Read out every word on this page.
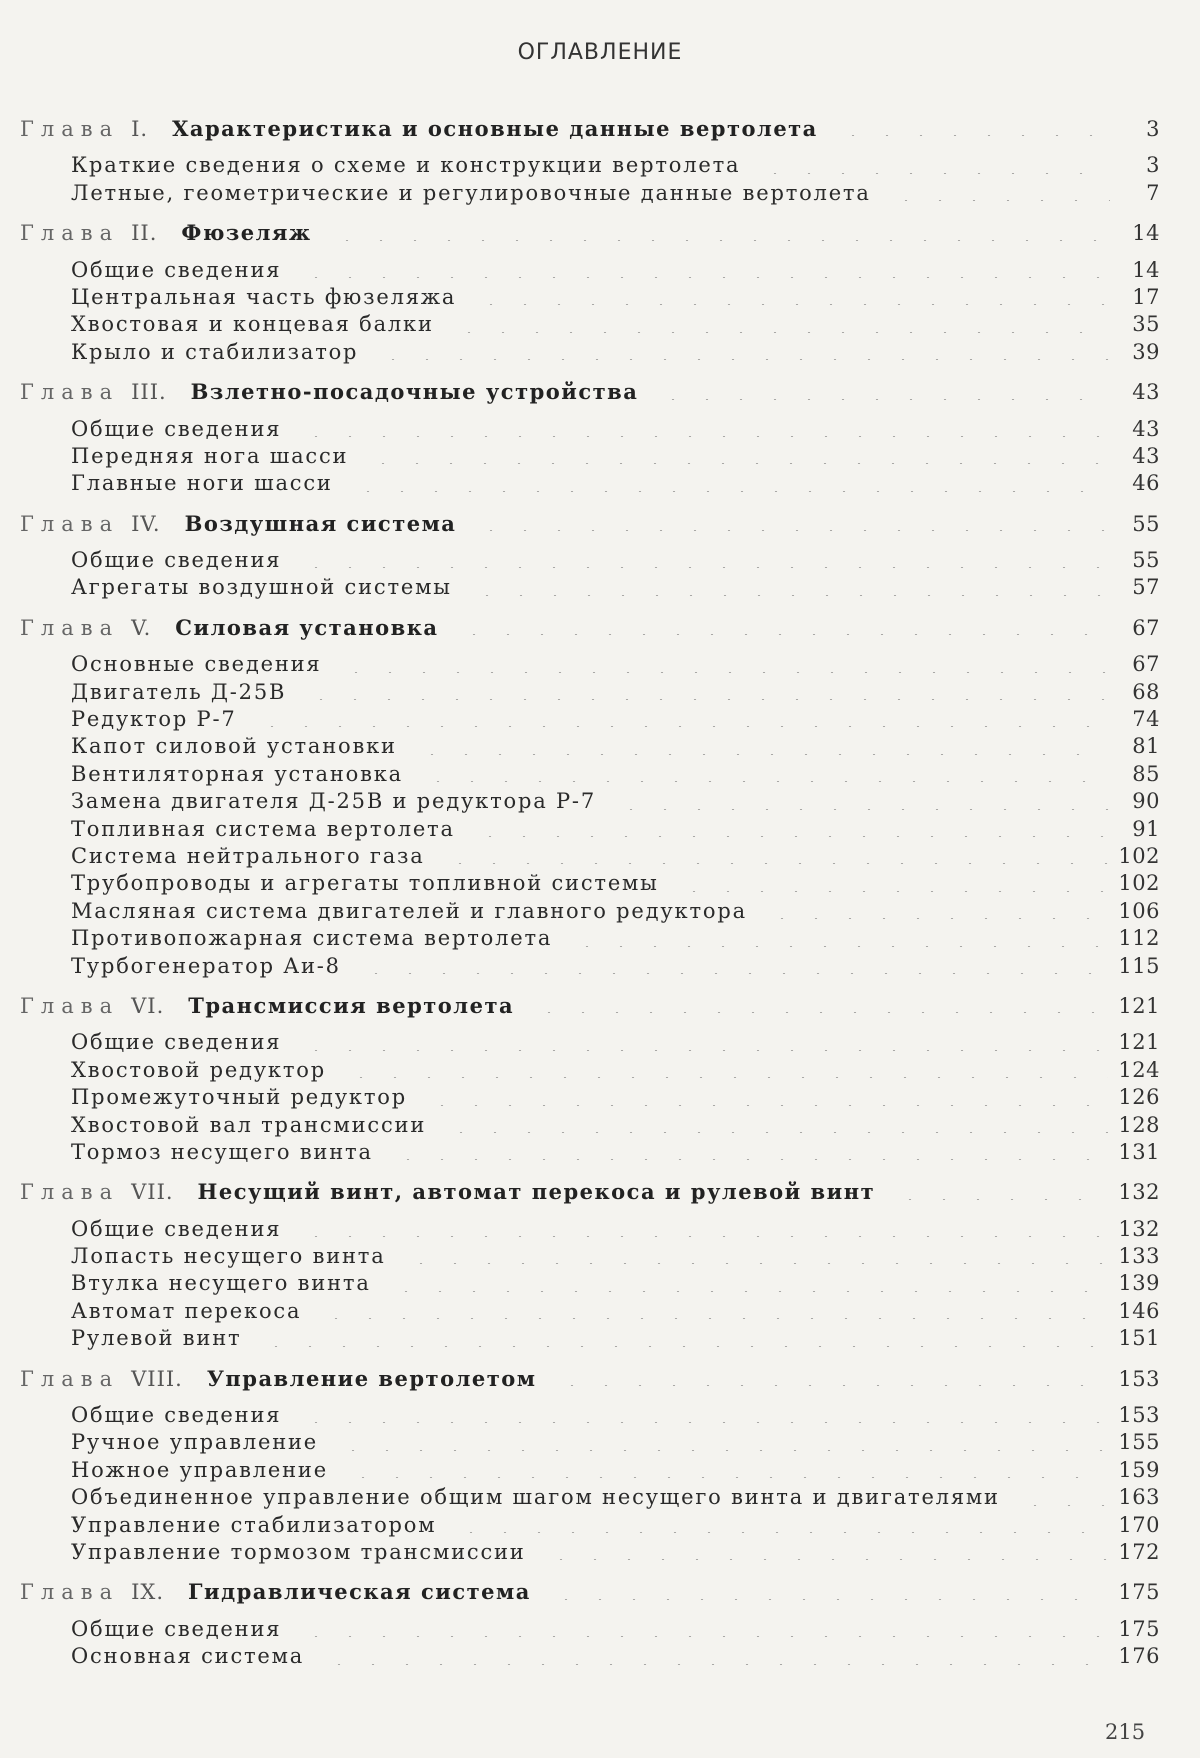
ОГЛАВЛЕНИЕ
Глава I. Характеристика и основные данные вертолета	3
Краткие сведения о схеме и конструкции вертолета	3
Летные, геометрические и регулировочные данные вертолета	7
Глава II. Фюзеляж	14
Общие сведения	14
Центральная часть фюзеляжа	17
Хвостовая и концевая балки	35
Крыло и стабилизатор	39
Глава III. Взлетно-посадочные устройства	43
Общие сведения	43
Передняя нога шасси	43
Главные ноги шасси	46
Глава IV. Воздушная система	55
Общие сведения	55
Агрегаты воздушной системы	57
Глава V. Силовая установка	67
Основные сведения	67
Двигатель Д-25В	68
Редуктор Р-7	74
Капот силовой установки	81
Вентиляторная установка	85
Замена двигателя Д-25В и редуктора Р-7	90
Топливная система вертолета	91
Система нейтрального газа	102
Трубопроводы и агрегаты топливной системы	102
Масляная система двигателей и главного редуктора	106
Противопожарная система вертолета	112
Турбогенератор Аи-8	115
Глава VI. Трансмиссия вертолета	121
Общие сведения	121
Хвостовой редуктор	124
Промежуточный редуктор	126
Хвостовой вал трансмиссии	128
Тормоз несущего винта	131
Глава VII. Несущий винт, автомат перекоса и рулевой винт	132
Общие сведения	132
Лопасть несущего винта	133
Втулка несущего винта	139
Автомат перекоса	146
Рулевой винт	151
Глава VIII. Управление вертолетом	153
Общие сведения	153
Ручное управление	155
Ножное управление	159
Объединенное управление общим шагом несущего винта и двигателями	163
Управление стабилизатором	170
Управление тормозом трансмиссии	172
Глава IX. Гидравлическая система	175
Общие сведения	175
Основная система	176
215
